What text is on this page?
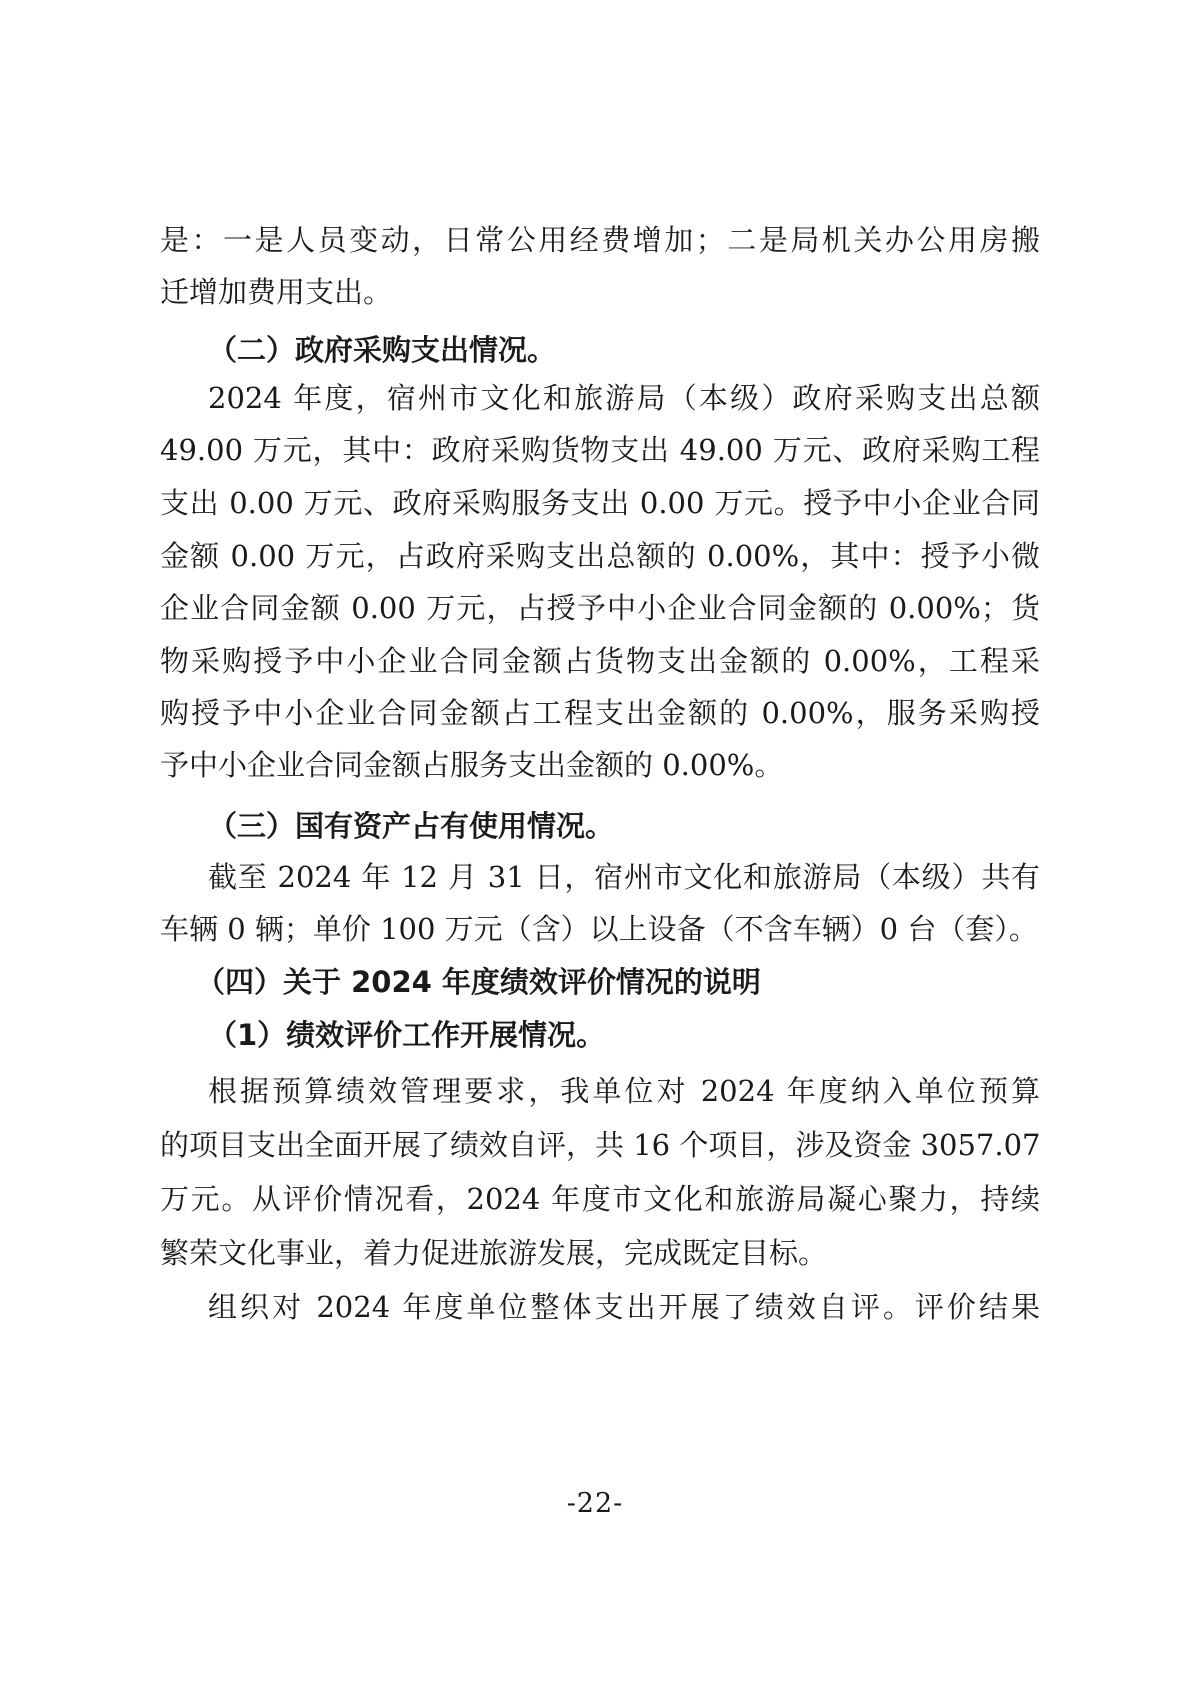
是：一是人员变动，日常公用经费增加；二是局机关办公用房搬
迁增加费用支出。
（二）政府采购支出情况。
2024 年度，宿州市文化和旅游局（本级）政府采购支出总额
49.00 万元，其中：政府采购货物支出 49.00 万元、政府采购工程
支出 0.00 万元、政府采购服务支出 0.00 万元。授予中小企业合同
金额 0.00 万元，占政府采购支出总额的 0.00%，其中：授予小微
企业合同金额 0.00 万元，占授予中小企业合同金额的 0.00%；货
物采购授予中小企业合同金额占货物支出金额的 0.00%，工程采
购授予中小企业合同金额占工程支出金额的 0.00%，服务采购授
予中小企业合同金额占服务支出金额的 0.00%。
（三）国有资产占有使用情况。
截至 2024 年 12 月 31 日，宿州市文化和旅游局（本级）共有
车辆 0 辆；单价 100 万元（含）以上设备（不含车辆）0 台（套）。
（四）关于 2024 年度绩效评价情况的说明
（1）绩效评价工作开展情况。
根据预算绩效管理要求，我单位对 2024 年度纳入单位预算
的项目支出全面开展了绩效自评，共 16 个项目，涉及资金 3057.07
万元。从评价情况看，2024 年度市文化和旅游局凝心聚力，持续
繁荣文化事业，着力促进旅游发展，完成既定目标。
组织对 2024 年度单位整体支出开展了绩效自评。评价结果
-22-
